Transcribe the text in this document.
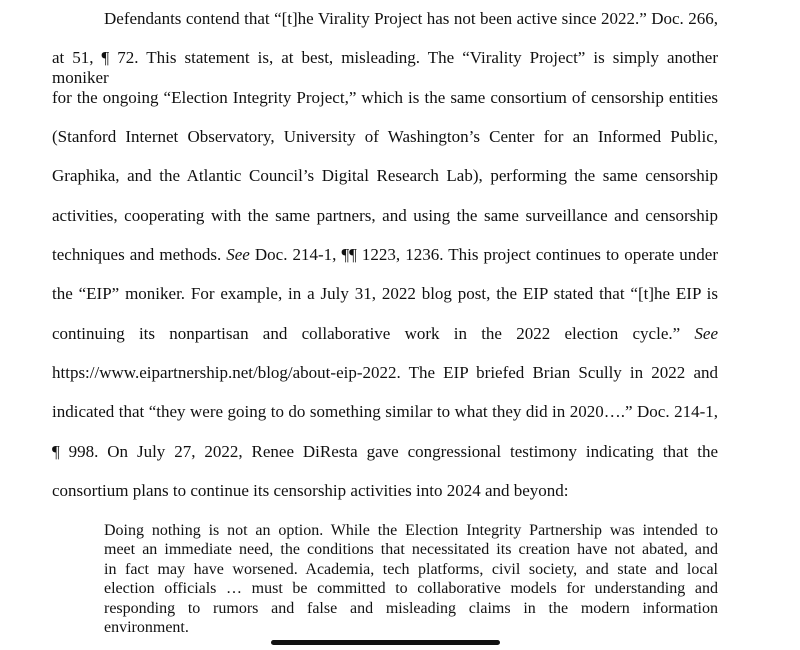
Defendants contend that “[t]he Virality Project has not been active since 2022.” Doc. 266,
at 51, ¶ 72. This statement is, at best, misleading. The “Virality Project” is simply another moniker
for the ongoing “Election Integrity Project,” which is the same consortium of censorship entities
(Stanford Internet Observatory, University of Washington’s Center for an Informed Public,
Graphika, and the Atlantic Council’s Digital Research Lab), performing the same censorship
activities, cooperating with the same partners, and using the same surveillance and censorship
techniques and methods. See Doc. 214-1, ¶¶ 1223, 1236. This project continues to operate under
the “EIP” moniker. For example, in a July 31, 2022 blog post, the EIP stated that “[t]he EIP is
continuing its nonpartisan and collaborative work in the 2022 election cycle.” See
https://www.eipartnership.net/blog/about-eip-2022. The EIP briefed Brian Scully in 2022 and
indicated that “they were going to do something similar to what they did in 2020….” Doc. 214-1,
¶ 998. On July 27, 2022, Renee DiResta gave congressional testimony indicating that the
consortium plans to continue its censorship activities into 2024 and beyond:
Doing nothing is not an option. While the Election Integrity Partnership was intended to
meet an immediate need, the conditions that necessitated its creation have not abated, and
in fact may have worsened. Academia, tech platforms, civil society, and state and local
election officials … must be committed to collaborative models for understanding and
responding to rumors and false and misleading claims in the modern information
environment.
